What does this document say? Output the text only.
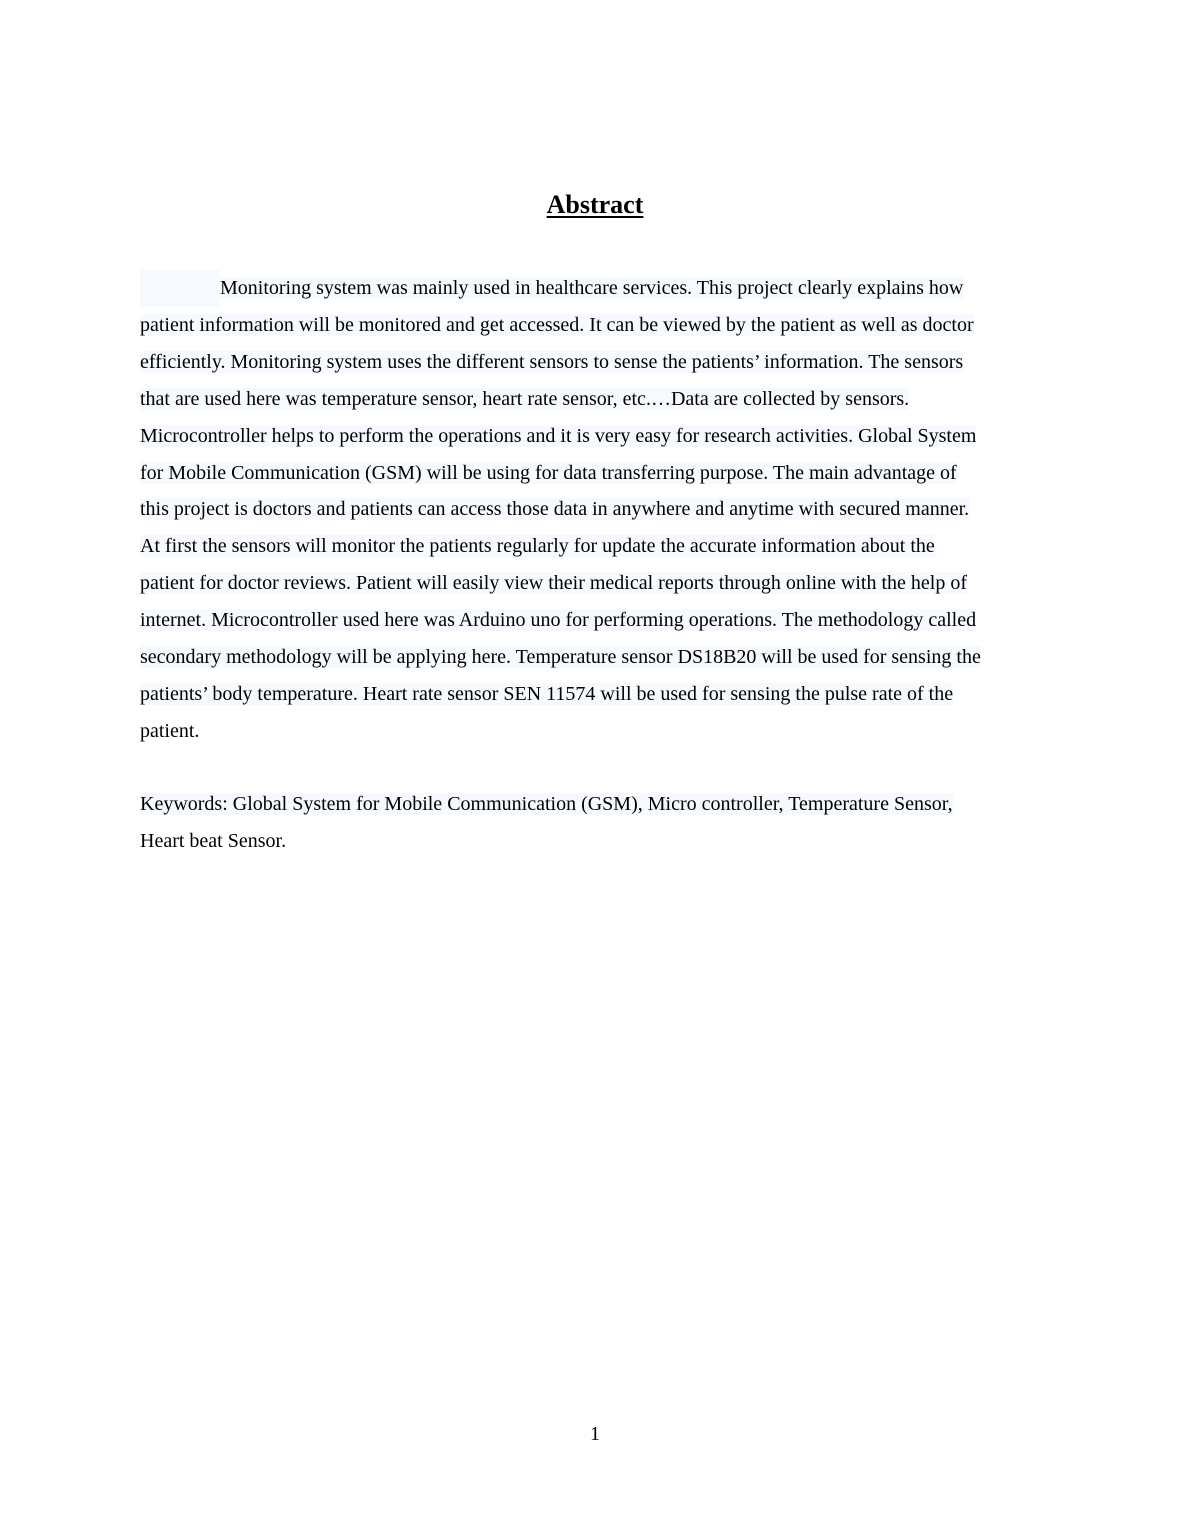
Abstract

Monitoring system was mainly used in healthcare services. This project clearly explains how
patient information will be monitored and get accessed. It can be viewed by the patient as well as doctor
efficiently. Monitoring system uses the different sensors to sense the patients’ information. The sensors
that are used here was temperature sensor, heart rate sensor, etc.…Data are collected by sensors.
Microcontroller helps to perform the operations and it is very easy for research activities. Global System
for Mobile Communication (GSM) will be using for data transferring purpose. The main advantage of
this project is doctors and patients can access those data in anywhere and anytime with secured manner.
At first the sensors will monitor the patients regularly for update the accurate information about the
patient for doctor reviews. Patient will easily view their medical reports through online with the help of
internet. Microcontroller used here was Arduino uno for performing operations. The methodology called
secondary methodology will be applying here. Temperature sensor DS18B20 will be used for sensing the
patients’ body temperature. Heart rate sensor SEN 11574 will be used for sensing the pulse rate of the
patient.

Keywords: Global System for Mobile Communication (GSM), Micro controller, Temperature Sensor,
Heart beat Sensor.

1
